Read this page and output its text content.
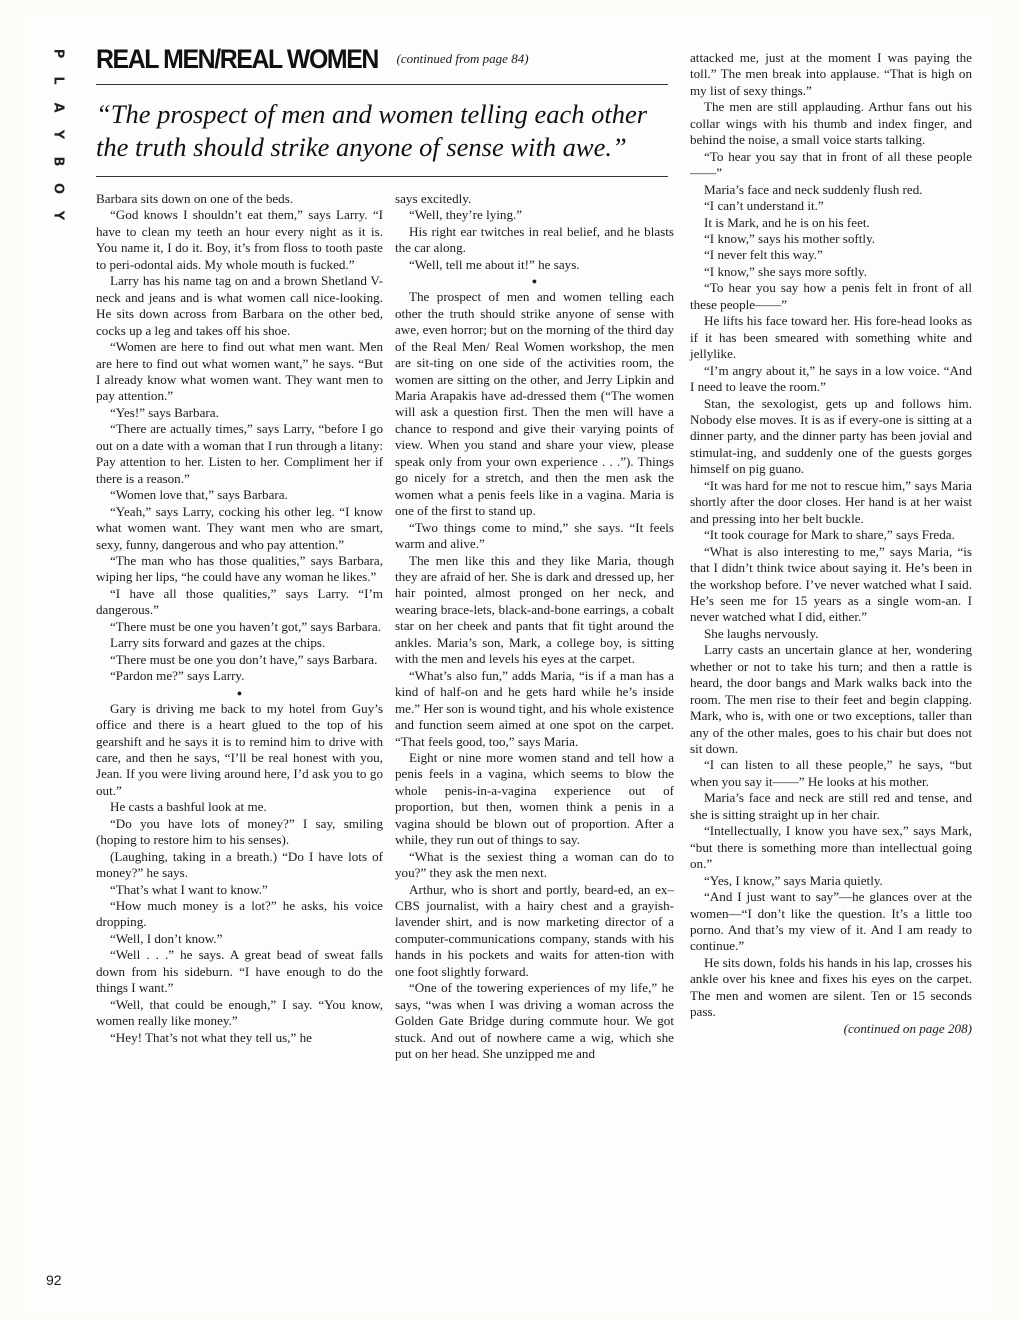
P
L
A
Y
B
O
Y
92
REAL MEN/REAL WOMEN $^{(continued from page 84)}$
“The prospect of men and women telling each other the truth should strike anyone of sense with awe.”

Barbara sits down on one of the beds.

“God knows I shouldn’t eat them,” says Larry. “I have to clean my teeth an hour every night as it is. You name it, I do it. Boy, it’s from floss to tooth paste to peri-odontal aids. My whole mouth is fucked.”

Larry has his name tag on and a brown Shetland V-neck and jeans and is what women call nice-looking. He sits down across from Barbara on the other bed, cocks up a leg and takes off his shoe.

“Women are here to find out what men want. Men are here to find out what women want,” he says. “But I already know what women want. They want men to pay attention.”

“Yes!” says Barbara.

“There are actually times,” says Larry, “before I go out on a date with a woman that I run through a litany: Pay attention to her. Listen to her. Compliment her if there is a reason.”

“Women love that,” says Barbara.

“Yeah,” says Larry, cocking his other leg. “I know what women want. They want men who are smart, sexy, funny, dangerous and who pay attention.”

“The man who has those qualities,” says Barbara, wiping her lips, “he could have any woman he likes.”

“I have all those qualities,” says Larry. “I’m dangerous.”

“There must be one you haven’t got,” says Barbara.

Larry sits forward and gazes at the chips.

“There must be one you don’t have,” says Barbara.

“Pardon me?” says Larry.

●

Gary is driving me back to my hotel from Guy’s office and there is a heart glued to the top of his gearshift and he says it is to remind him to drive with care, and then he says, “I’ll be real honest with you, Jean. If you were living around here, I’d ask you to go out.”

He casts a bashful look at me.

“Do you have lots of money?” I say, smiling (hoping to restore him to his senses).

(Laughing, taking in a breath.) “Do I have lots of money?” he says.

“That’s what I want to know.”

“How much money is a lot?” he asks, his voice dropping.

“Well, I don’t know.”

“Well . . .” he says. A great bead of sweat falls down from his sideburn. “I have enough to do the things I want.”

“Well, that could be enough,” I say. “You know, women really like money.”

“Hey! That’s not what they tell us,” he

says excitedly.

“Well, they’re lying.”

His right ear twitches in real belief, and he blasts the car along.

“Well, tell me about it!” he says.

●

The prospect of men and women telling each other the truth should strike anyone of sense with awe, even horror; but on the morning of the third day of the Real Men/ Real Women workshop, the men are sit-ting on one side of the activities room, the women are sitting on the other, and Jerry Lipkin and Maria Arapakis have ad-dressed them (“The women will ask a question first. Then the men will have a chance to respond and give their varying points of view. When you stand and share your view, please speak only from your own experience . . .”). Things go nicely for a stretch, and then the men ask the women what a penis feels like in a vagina. Maria is one of the first to stand up.

“Two things come to mind,” she says. “It feels warm and alive.”

The men like this and they like Maria, though they are afraid of her. She is dark and dressed up, her hair pointed, almost pronged on her neck, and wearing brace-lets, black-and-bone earrings, a cobalt star on her cheek and pants that fit tight around the ankles. Maria’s son, Mark, a college boy, is sitting with the men and levels his eyes at the carpet.

“What’s also fun,” adds Maria, “is if a man has a kind of half-on and he gets hard while he’s inside me.” Her son is wound tight, and his whole existence and function seem aimed at one spot on the carpet. “That feels good, too,” says Maria.

Eight or nine more women stand and tell how a penis feels in a vagina, which seems to blow the whole penis-in-a-vagina experience out of proportion, but then, women think a penis in a vagina should be blown out of proportion. After a while, they run out of things to say.

“What is the sexiest thing a woman can do to you?” they ask the men next.

Arthur, who is short and portly, beard-ed, an ex–CBS journalist, with a hairy chest and a grayish-lavender shirt, and is now marketing director of a computer-communications company, stands with his hands in his pockets and waits for atten-tion with one foot slightly forward.

“One of the towering experiences of my life,” he says, “was when I was driving a woman across the Golden Gate Bridge during commute hour. We got stuck. And out of nowhere came a wig, which she put on her head. She unzipped me and

attacked me, just at the moment I was paying the toll.” The men break into applause. “That is high on my list of sexy things.”

The men are still applauding. Arthur fans out his collar wings with his thumb and index finger, and behind the noise, a small voice starts talking.

“To hear you say that in front of all these people——”

Maria’s face and neck suddenly flush red.

“I can’t understand it.”

It is Mark, and he is on his feet.

“I know,” says his mother softly.

“I never felt this way.”

“I know,” she says more softly.

“To hear you say how a penis felt in front of all these people——”

He lifts his face toward her. His fore-head looks as if it has been smeared with something white and jellylike.

“I’m angry about it,” he says in a low voice. “And I need to leave the room.”

Stan, the sexologist, gets up and follows him. Nobody else moves. It is as if every-one is sitting at a dinner party, and the dinner party has been jovial and stimulat-ing, and suddenly one of the guests gorges himself on pig guano.

“It was hard for me not to rescue him,” says Maria shortly after the door closes. Her hand is at her waist and pressing into her belt buckle.

“It took courage for Mark to share,” says Freda.

“What is also interesting to me,” says Maria, “is that I didn’t think twice about saying it. He’s been in the workshop before. I’ve never watched what I said. He’s seen me for 15 years as a single wom-an. I never watched what I did, either.”

She laughs nervously.

Larry casts an uncertain glance at her, wondering whether or not to take his turn; and then a rattle is heard, the door bangs and Mark walks back into the room. The men rise to their feet and begin clapping. Mark, who is, with one or two exceptions, taller than any of the other males, goes to his chair but does not sit down.

“I can listen to all these people,” he says, “but when you say it——” He looks at his mother.

Maria’s face and neck are still red and tense, and she is sitting straight up in her chair.

“Intellectually, I know you have sex,” says Mark, “but there is something more than intellectual going on.”

“Yes, I know,” says Maria quietly.

“And I just want to say”—he glances over at the women—“I don’t like the question. It’s a little too porno. And that’s my view of it. And I am ready to continue.”

He sits down, folds his hands in his lap, crosses his ankle over his knee and fixes his eyes on the carpet. The men and women are silent. Ten or 15 seconds pass.

(continued on page 208)
